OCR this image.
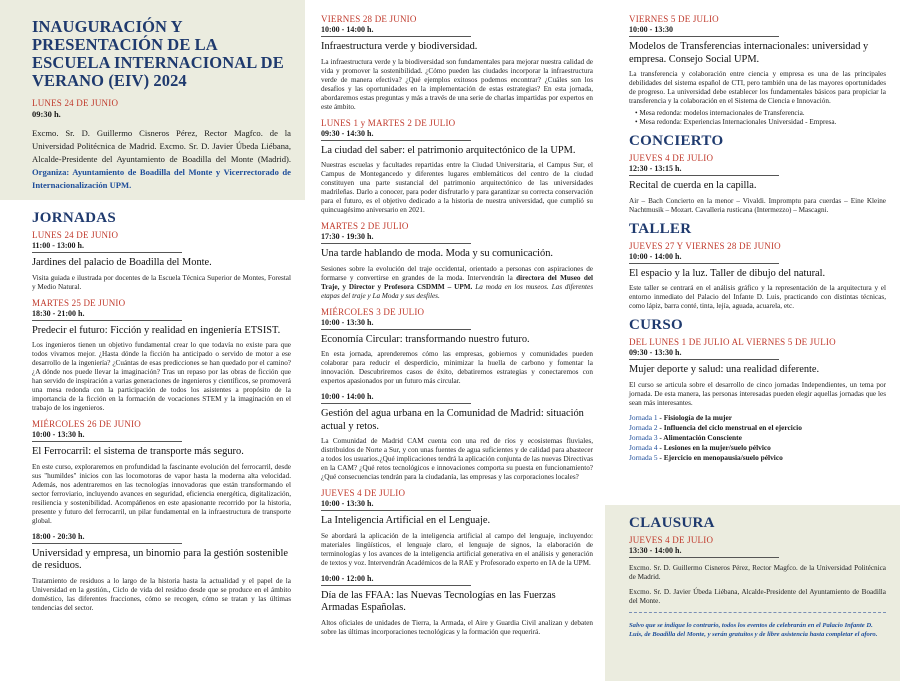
INAUGURACIÓN Y PRESENTACIÓN DE LA ESCUELA INTERNACIONAL DE VERANO (EIV) 2024
LUNES 24 DE JUNIO
09:30 h.

Excmo. Sr. D. Guillermo Cisneros Pérez, Rector Magfco. de la Universidad Politécnica de Madrid. Excmo. Sr. D. Javier Úbeda Liébana, Alcalde-Presidente del Ayuntamiento de Boadilla del Monte (Madrid). Organiza: Ayuntamiento de Boadilla del Monte y Vicerrectorado de Internacionalización UPM.

JORNADAS
LUNES 24 DE JUNIO
11:00 - 13:00 h.
Jardines del palacio de Boadilla del Monte.
Visita guiada e ilustrada por docentes de la Escuela Técnica Superior de Montes, Forestal y Medio Natural.
MARTES 25 DE JUNIO
18:30 - 21:00 h.
Predecir el futuro: Ficción y realidad en ingeniería ETSIST.
Los ingenieros tienen un objetivo fundamental crear lo que todavía no existe para que todos vivamos mejor. ¿Hasta dónde la ficción ha anticipado o servido de motor a ese desarrollo de la ingeniería? ¿Cuántas de esas predicciones se han quedado por el camino? ¿A dónde nos puede llevar la imaginación? Tras un repaso por las obras de ficción que han servido de inspiración a varias generaciones de ingenieros y científicos, se promoverá una mesa redonda con la participación de todos los asistentes a propósito de la importancia de la ficción en la formación de vocaciones STEM y la imaginación en el trabajo de los ingenieros.
MIÉRCOLES 26 DE JUNIO
10:00 - 13:30 h.
El Ferrocarril: el sistema de transporte más seguro.
En este curso, exploraremos en profundidad la fascinante evolución del ferrocarril, desde sus "humildes" inicios con las locomotoras de vapor hasta la moderna alta velocidad. Además, nos adentraremos en las tecnologías innovadoras que están transformando el sector ferroviario, incluyendo avances en seguridad, eficiencia energética, digitalización, resiliencia y sostenibilidad. Acompáñenos en este apasionante recorrido por la historia, presente y futuro del ferrocarril, un pilar fundamental en la infraestructura de transporte global.
18:00 - 20:30 h.
Universidad y empresa, un binomio para la gestión sostenible de residuos.
Tratamiento de residuos a lo largo de la historia hasta la actualidad y el papel de la Universidad en la gestión., Ciclo de vida del residuo desde que se produce en el ámbito doméstico, las diferentes fracciones, cómo se recogen, cómo se tratan y las últimas tendencias del sector.
VIERNES 28 DE JUNIO
10:00 - 14:00 h.
Infraestructura verde y biodiversidad.
La infraestructura verde y la biodiversidad son fundamentales para mejorar nuestra calidad de vida y promover la sostenibilidad. ¿Cómo pueden las ciudades incorporar la infraestructura verde de manera efectiva? ¿Qué ejemplos exitosos podemos encontrar? ¿Cuáles son los desafíos y las oportunidades en la implementación de estas estrategias? En esta jornada, abordaremos estas preguntas y más a través de una serie de charlas impartidas por expertos en este ámbito.
LUNES 1 y MARTES 2 DE JULIO
09:30 - 14:30 h.
La ciudad del saber: el patrimonio arquitectónico de la UPM.
Nuestras escuelas y facultades repartidas entre la Ciudad Universitaria, el Campus Sur, el Campus de Montegancedo y diferentes lugares emblemáticos del centro de la ciudad constituyen una parte sustancial del patrimonio arquitectónico de las universidades madrileñas. Darlo a conocer, para poder disfrutarlo y para garantizar su correcta conservación para el futuro, es el objetivo dedicado a la historia de nuestra universidad, que cumplió su quincuagésimo aniversario en 2021.
MARTES 2 DE JULIO
17:30 - 19:30 h.
Una tarde hablando de moda. Moda y su comunicación.
Sesiones sobre la evolución del traje occidental, orientado a personas con aspiraciones de formarse y convertirse en grandes de la moda. Intervendrán la directora del Museo del Traje, y Director y Profesora CSDMM – UPM. La moda en los museos. Las diferentes etapas del traje y La Moda y sus desfiles.
MIÉRCOLES 3 DE JULIO
10:00 - 13:30 h.
Economía Circular: transformando nuestro futuro.
En esta jornada, aprenderemos cómo las empresas, gobiernos y comunidades pueden colaborar para reducir el desperdicio, minimizar la huella de carbono y fomentar la innovación. Descubriremos casos de éxito, debatiremos estrategias y conectaremos con expertos apasionados por un futuro más circular.
10:00 - 14:00 h.
Gestión del agua urbana en la Comunidad de Madrid: situación actual y retos.
La Comunidad de Madrid CAM cuenta con una red de ríos y ecosistemas fluviales, distribuidos de Norte a Sur, y con unas fuentes de agua suficientes y de calidad para abastecer a todos los usuarios.¿Qué implicaciones tendrá la aplicación conjunta de las nuevas Directivas en la CAM? ¿Qué retos tecnológicos e innovaciones comporta su puesta en funcionamiento? ¿Qué consecuencias tendrán para la ciudadanía, las empresas y las corporaciones locales?
JUEVES 4 DE JULIO
10:00 - 13:30 h.
La Inteligencia Artificial en el Lenguaje.
Se abordará la aplicación de la inteligencia artificial al campo del lenguaje, incluyendo: materiales lingüísticos, el lenguaje claro, el lenguaje de signos, la elaboración de terminologías y los avances de la inteligencia artificial generativa en el análisis y generación de textos y voz. Intervendrán Académicos de la RAE y Profesorado experto en IA de la UPM.
10:00 - 12:00 h.
Día de las FFAA: las Nuevas Tecnologías en las Fuerzas Armadas Españolas.
Altos oficiales de unidades de Tierra, la Armada, el Aire y Guardia Civil analizan y debaten sobre las últimas incorporaciones tecnológicas y la formación que requerirá.
VIERNES 5 DE JULIO
10:00 - 13:30
Modelos de Transferencias internacionales: universidad y empresa. Consejo Social UPM.
La transferencia y colaboración entre ciencia y empresa es una de las principales debilidades del sistema español de CTI, pero también una de las mayores oportunidades de progreso. La universidad debe establecer los fundamentales básicos para propiciar la transferencia y la colaboración en el Sistema de Ciencia e Innovación.
• Mesa redonda: modelos internacionales de Transferencia.
• Mesa redonda: Experiencias Internacionales Universidad - Empresa.
CONCIERTO
JUEVES 4 DE JULIO
12:30 - 13:15 h.
Recital de cuerda en la capilla.
Air – Bach Concierto en la menor – Vivaldi. Impromptu para cuerdas – Eine Kleine Nachtmusik – Mozart. Cavalleria rusticana (Intermezzo) – Mascagni.
TALLER
JUEVES 27 Y VIERNES 28 DE JUNIO
10:00 - 14:00 h.
El espacio y la luz. Taller de dibujo del natural.
Este taller se centrará en el análisis gráfico y la representación de la arquitectura y el entorno inmediato del Palacio del Infante D. Luis, practicando con distintas técnicas, como lápiz, barra conté, tinta, lejía, aguada, acuarela, etc.
CURSO
DEL LUNES 1 DE JULIO AL VIERNES 5 DE JULIO
09:30 - 13:30 h.
Mujer deporte y salud: una realidad diferente.
El curso se articula sobre el desarrollo de cinco jornadas Independientes, un tema por jornada. De esta manera, las personas interesadas pueden elegir aquellas jornadas que les sean más interesantes.
Jornada 1 - Fisiología de la mujer
Jornada 2 - Influencia del ciclo menstrual en el ejercicio
Jornada 3 - Alimentación Consciente
Jornada 4 - Lesiones en la mujer/suelo pélvico
Jornada 5 - Ejercicio en menopausia/suelo pélvico
CLAUSURA
JUEVES 4 DE JULIO
13:30 - 14:00 h.
Excmo. Sr. D. Guillermo Cisneros Pérez, Rector Magfco. de la Universidad Politécnica de Madrid.
Excmo. Sr. D. Javier Úbeda Liébana, Alcalde-Presidente del Ayuntamiento de Boadilla del Monte.
Salvo que se indique lo contrario, todos los eventos de celebrarán en el Palacio Infante D. Luis, de Boadilla del Monte, y serán gratuitos y de libre asistencia hasta completar el aforo.
